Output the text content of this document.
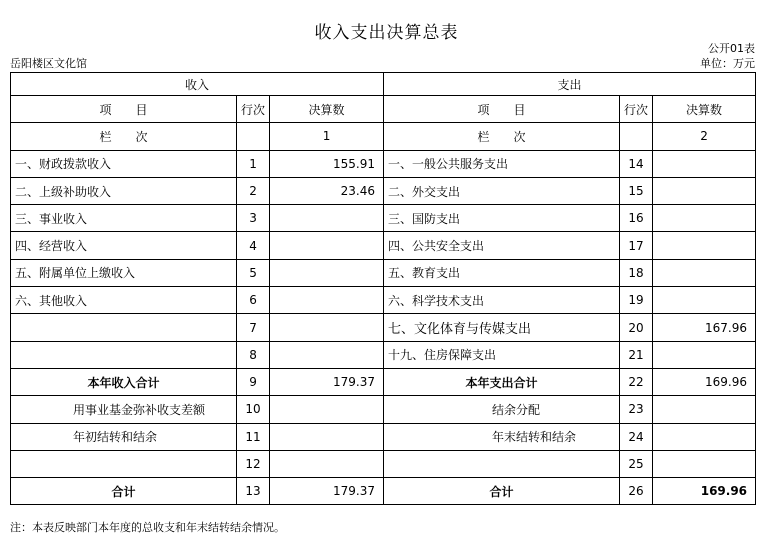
收入支出决算总表
公开01表
岳阳楼区文化馆	单位：万元
收入			支出		
项　　目	行次	决算数	项　　目	行次	决算数
栏　　次		1	栏　　次		2
一、财政拨款收入	1	155.91	一、一般公共服务支出	14	
二、上级补助收入	2	23.46	二、外交支出	15	
三、事业收入	3		三、国防支出	16	
四、经营收入	4		四、公共安全支出	17	
五、附属单位上缴收入	5		五、教育支出	18	
六、其他收入	6		六、科学技术支出	19	
	7		七、文化体育与传媒支出	20	167.96
	8		十九、住房保障支出	21	
本年收入合计	9	179.37	本年支出合计	22	169.96
用事业基金弥补收支差额	10		结余分配	23	
年初结转和结余	11		年末结转和结余	24	
	12			25	
合计	13	179.37	合计	26	169.96
注：本表反映部门本年度的总收支和年末结转结余情况。
